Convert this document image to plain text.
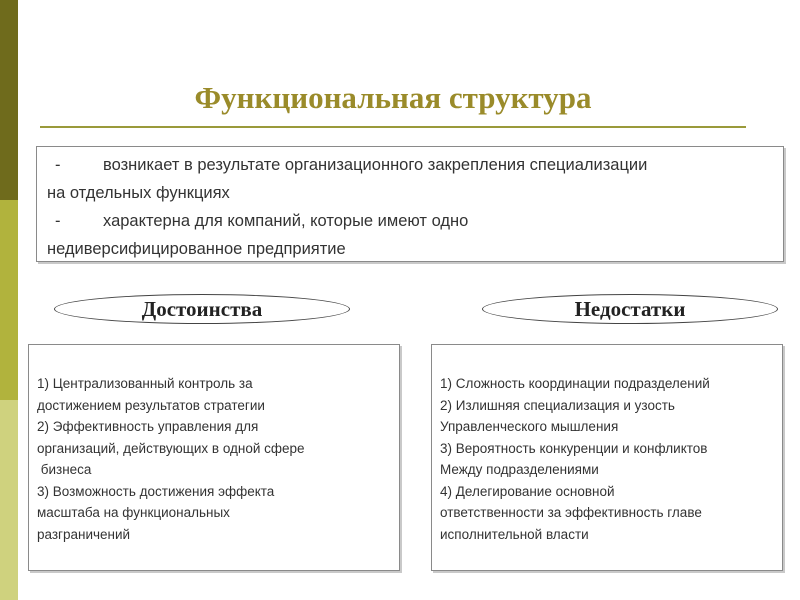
Функциональная структура
-	возникает в результате организационного закрепления специализации
на отдельных функциях
-	характерна для компаний, которые имеют одно
недиверсифицированное предприятие
Достоинства	Недостатки
1) Централизованный контроль за
достижением результатов стратегии
2) Эффективность управления для
организаций, действующих в одной сфере
бизнеса
3) Возможность достижения эффекта
масштаба на функциональных
разграничений
1) Сложность координации подразделений
2) Излишняя специализация и узость
Управленческого мышления
3) Вероятность конкуренции и конфликтов
Между подразделениями
4) Делегирование основной
ответственности за эффективность главе
исполнительной власти
